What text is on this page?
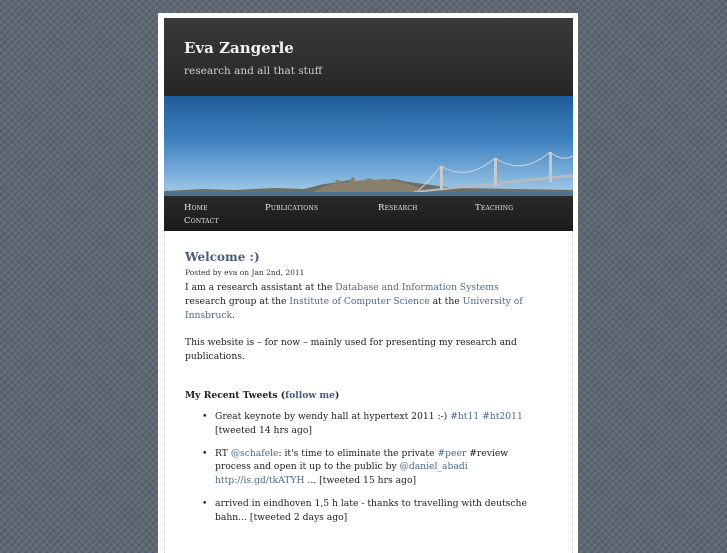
Eva Zangerle
research and all that stuff
Home	Publications	Research	Teaching
Contact
Welcome :)
Posted by eva on Jan 2nd, 2011

I am a research assistant at the Database and Information Systems research group at the Institute of Computer Science at the University of Innsbruck.

This website is – for now – mainly used for presenting my research and publications.

My Recent Tweets (follow me)
• Great keynote by wendy hall at hypertext 2011 :-) #ht11 #ht2011 [tweeted 14 hrs ago]
• RT @schafele: it's time to eliminate the private #peer #review process and open it up to the public by @daniel_abadi http://is.gd/tkATYH ... [tweeted 15 hrs ago]
• arrived in eindhoven 1,5 h late - thanks to travelling with deutsche bahn... [tweeted 2 days ago]
